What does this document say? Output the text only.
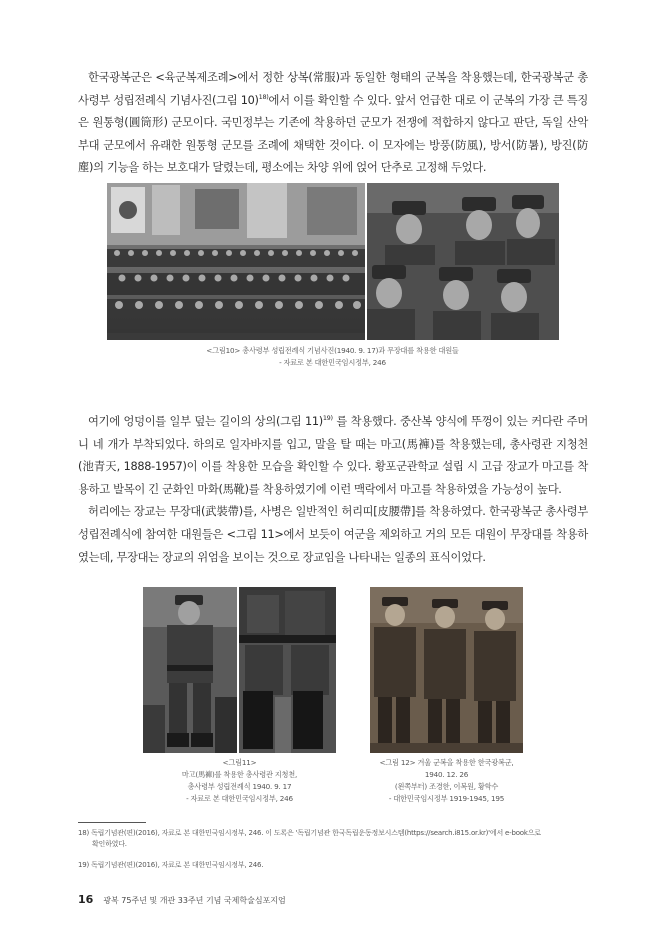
한국광복군은 <육군복제조례>에서 정한 상복(常服)과 동일한 형태의 군복을 착용했는데, 한국광복군 총사령부 성립전례식 기념사진(그림 10)$^{18)}$에서 이를 확인할 수 있다. 앞서 언급한 대로 이 군복의 가장 큰 특징은 원통형(圓筒形) 군모이다. 국민정부는 기존에 착용하던 군모가 전쟁에 적합하지 않다고 판단, 독일 산악부대 군모에서 유래한 원통형 군모를 조례에 채택한 것이다. 이 모자에는 방풍(防風), 방서(防暑), 방진(防塵)의 기능을 하는 보호대가 달렸는데, 평소에는 차양 위에 얹어 단추로 고정해 두었다.

<그림10> 총사령부 성립전례식 기념사진(1940. 9. 17)과 무장대를 착용한 대원들
- 자료로 본 대한민국임시정부, 246

여기에 엉덩이를 일부 덮는 길이의 상의(그림 11)$^{19)}$ 를 착용했다. 중산복 양식에 뚜껑이 있는 커다란 주머니 네 개가 부착되었다. 하의로 일자바지를 입고, 말을 탈 때는 마고(馬褲)를 착용했는데, 총사령관 지청천(池青天, 1888-1957)이 이를 착용한 모습을 확인할 수 있다. 황포군관학교 설립 시 고급 장교가 마고를 착용하고 발목이 긴 군화인 마화(馬靴)를 착용하였기에 이런 맥락에서 마고를 착용하였을 가능성이 높다.

허리에는 장교는 무장대(武裝帶)를, 사병은 일반적인 허리띠[皮腰帶]를 착용하였다. 한국광복군 총사령부 성립전례식에 참여한 대원들은 <그림 11>에서 보듯이 여군을 제외하고 거의 모든 대원이 무장대를 착용하였는데, 무장대는 장교의 위엄을 보이는 것으로 장교임을 나타내는 일종의 표식이었다.

<그림11>
마고(馬褲)를 착용한 총사령관 지청천,
총사령부 성립전례식 1940. 9. 17
- 자료로 본 대한민국임시정부, 246
<그림 12> 겨울 군복을 착용한 한국광복군,
1940. 12. 26
(왼쪽부터) 조경한, 이복원, 황학수
- 대한민국임시정부 1919-1945, 195
18) 독립기념관(편)(2016), 자료로 본 대한민국임시정부, 246. 이 도록은 '독립기념관 한국독립운동정보시스템(https://search.i815.or.kr)'에서 e-book으로
확인하였다.
19) 독립기념관(편)(2016), 자료로 본 대한민국임시정부, 246.
16 광복 75주년 및 개관 33주년 기념 국제학술심포지엄
